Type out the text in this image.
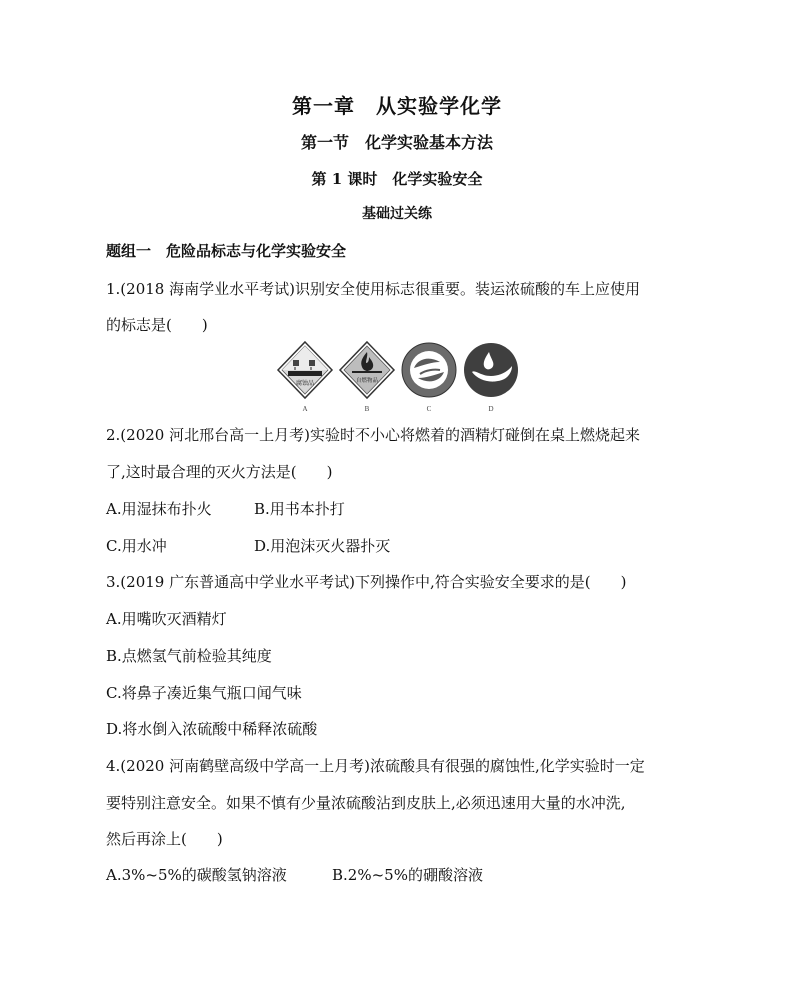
第一章　从实验学化学
第一节　化学实验基本方法
第 1 课时　化学实验安全
基础过关练
题组一　危险品标志与化学实验安全
1.(2018 海南学业水平考试)识别安全使用标志很重要。装运浓硫酸的车上应使用
的标志是(　　)
腐蚀品
A
自燃物品
B	C	D
2.(2020 河北邢台高一上月考)实验时不小心将燃着的酒精灯碰倒在桌上燃烧起来
了,这时最合理的灭火方法是(　　)
A.用湿抹布扑火	B.用书本扑打
C.用水冲	D.用泡沫灭火器扑灭
3.(2019 广东普通高中学业水平考试)下列操作中,符合实验安全要求的是(　　)
A.用嘴吹灭酒精灯
B.点燃氢气前检验其纯度
C.将鼻子凑近集气瓶口闻气味
D.将水倒入浓硫酸中稀释浓硫酸
4.(2020 河南鹤壁高级中学高一上月考)浓硫酸具有很强的腐蚀性,化学实验时一定
要特别注意安全。如果不慎有少量浓硫酸沾到皮肤上,必须迅速用大量的水冲洗,
然后再涂上(　　)
A.3%~5%的碳酸氢钠溶液	B.2%~5%的硼酸溶液
